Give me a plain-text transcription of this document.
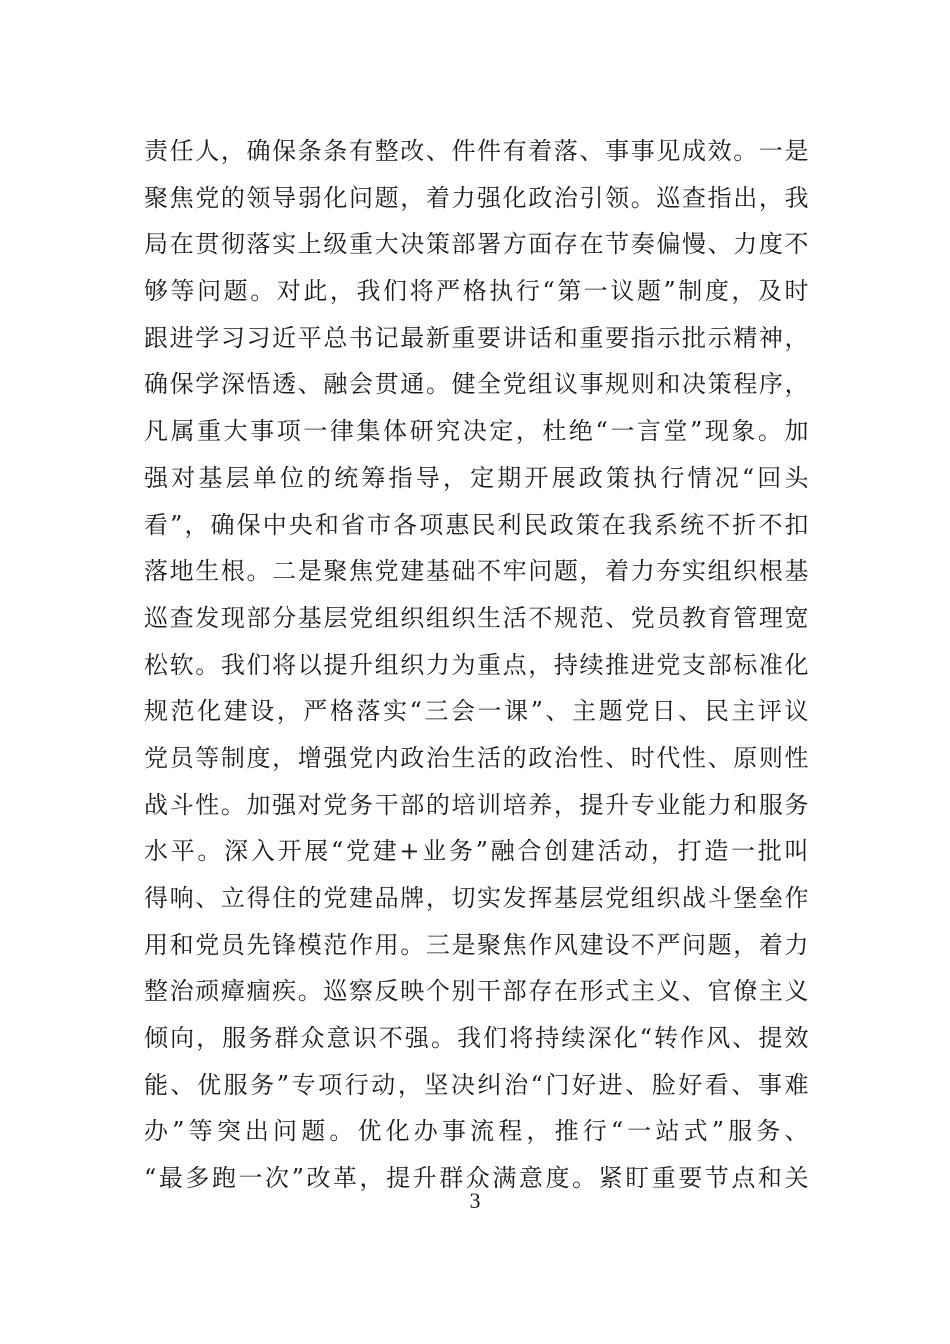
责任人，确保条条有整改、件件有着落、事事见成效。一是
聚焦党的领导弱化问题，着力强化政治引领。巡查指出，我
局在贯彻落实上级重大决策部署方面存在节奏偏慢、力度不
够等问题。对此，我们将严格执行“第一议题”制度，及时
跟进学习习近平总书记最新重要讲话和重要指示批示精神，
确保学深悟透、融会贯通。健全党组议事规则和决策程序，
凡属重大事项一律集体研究决定，杜绝“一言堂”现象。加
强对基层单位的统筹指导，定期开展政策执行情况“回头
看”，确保中央和省市各项惠民利民政策在我系统不折不扣
落地生根。二是聚焦党建基础不牢问题，着力夯实组织根基
巡查发现部分基层党组织组织生活不规范、党员教育管理宽
松软。我们将以提升组织力为重点，持续推进党支部标准化
规范化建设，严格落实“三会一课”、主题党日、民主评议
党员等制度，增强党内政治生活的政治性、时代性、原则性
战斗性。加强对党务干部的培训培养，提升专业能力和服务
水平。深入开展“党建+业务”融合创建活动，打造一批叫
得响、立得住的党建品牌，切实发挥基层党组织战斗堡垒作
用和党员先锋模范作用。三是聚焦作风建设不严问题，着力
整治顽瘴痼疾。巡察反映个别干部存在形式主义、官僚主义
倾向，服务群众意识不强。我们将持续深化“转作风、提效
能、优服务”专项行动，坚决纠治“门好进、脸好看、事难
办”等突出问题。优化办事流程，推行“一站式”服务、
“最多跑一次”改革，提升群众满意度。紧盯重要节点和关
3
